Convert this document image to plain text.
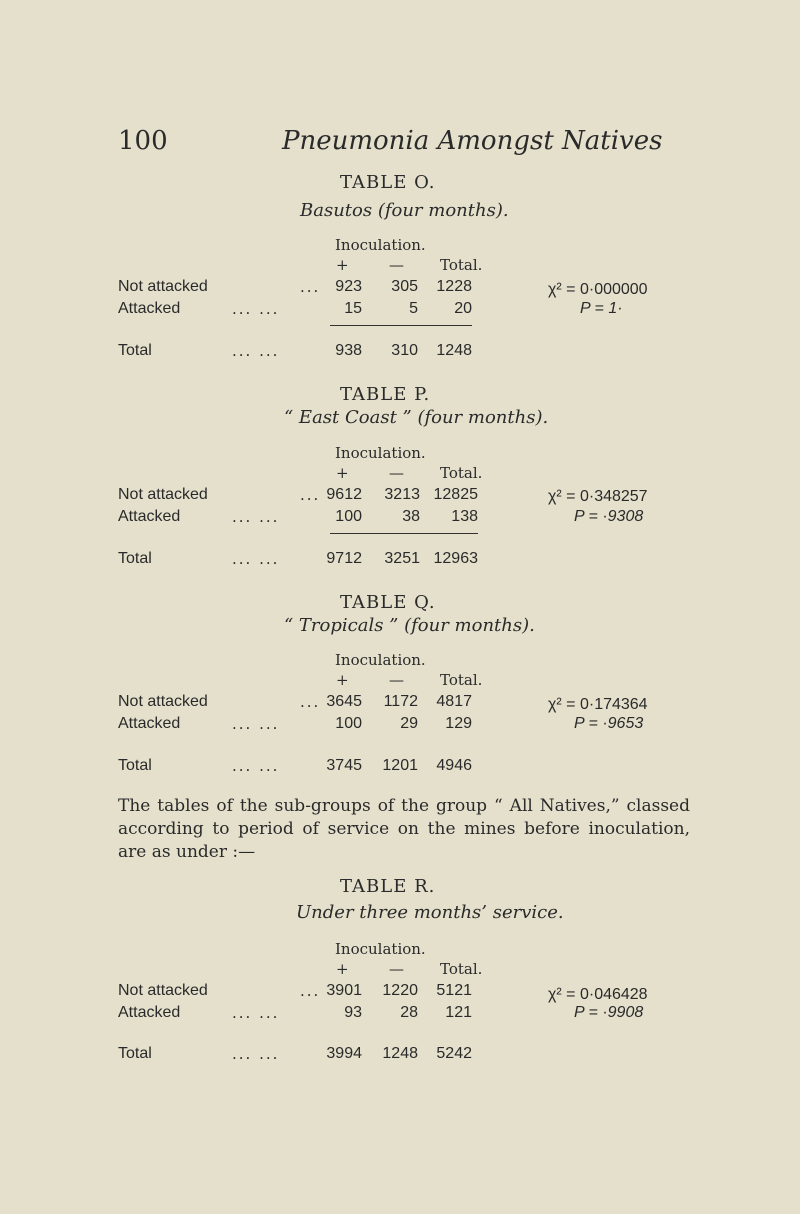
100	Pneumonia Amongst Natives
TABLE O.
Basutos (four months).
Inoculation.
+	— Total.
Not attacked	... 923	305	1228
Attacked	... ...	15	5	20
χ² = 0·000000
P = 1·
Total	... ...	938	310	1248
TABLE P.
“ East Coast ” (four months).
Inoculation.
+	— Total.
Not attacked	... 9612	3213 12825
Attacked	... ...	100	38	138
χ² = 0·348257
P = ·9308
Total	... ...	9712	3251 12963
TABLE Q.
“ Tropicals ” (four months).
Inoculation.
+	— Total.
Not attacked	... 3645	1172	4817
Attacked	... ...	100	29	129
χ² = 0·174364
P = ·9653
Total	... ...	3745	1201	4946
The tables of the sub-groups of the group “ All Natives,” classed according to period of service on the mines before inoculation, are as under :—
TABLE R.
Under three months’ service.
Inoculation.
+	— Total.
Not attacked	... 3901	1220	5121
Attacked	... ...	93	28	121
χ² = 0·046428
P = ·9908
Total	... ...	3994	1248	5242
